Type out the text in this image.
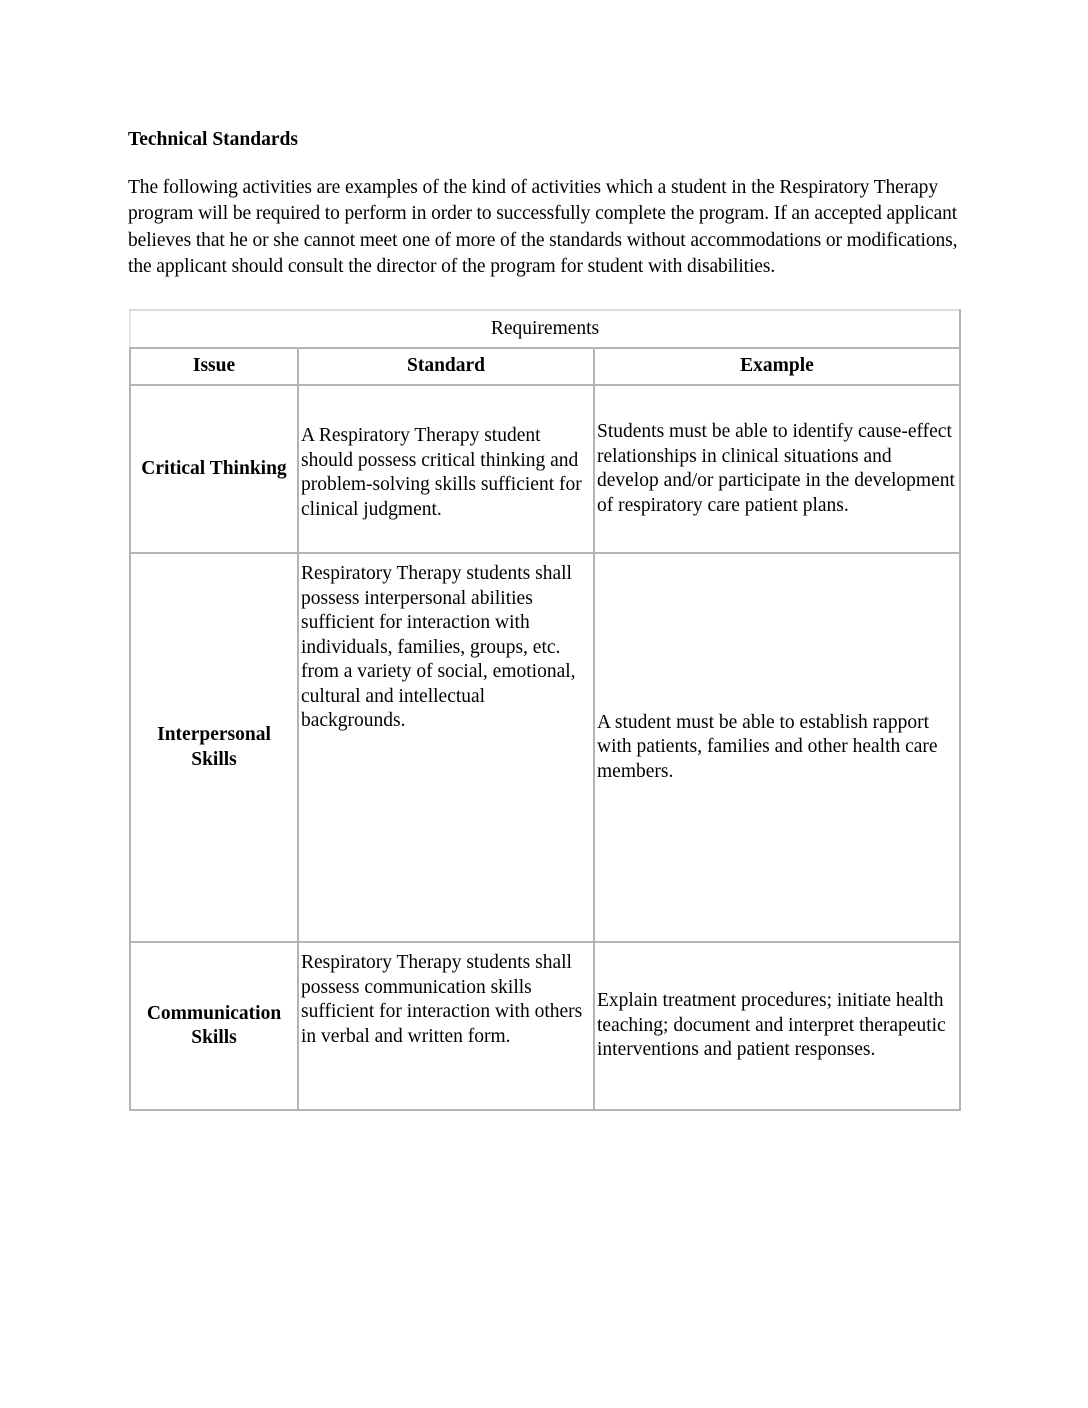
Technical Standards

The following activities are examples of the kind of activities which a student in the Respiratory Therapy program will be required to perform in order to successfully complete the program. If an accepted applicant believes that he or she cannot meet one of more of the standards without accommodations or modifications, the applicant should consult the director of the program for student with disabilities.

Requirements		
Issue	Standard	Example
Critical Thinking	A Respiratory Therapy student should possess critical thinking and problem-solving skills sufficient for clinical judgment.	Students must be able to identify cause-effect relationships in clinical situations and develop and/or participate in the development of respiratory care patient plans.
Interpersonal Skills	Respiratory Therapy students shall possess interpersonal abilities sufficient for interaction with individuals, families, groups, etc. from a variety of social, emotional, cultural and intellectual backgrounds.	A student must be able to establish rapport with patients, families and other health care members.
Communication Skills	Respiratory Therapy students shall possess communication skills sufficient for interaction with others in verbal and written form.	Explain treatment procedures; initiate health teaching; document and interpret therapeutic interventions and patient responses.
